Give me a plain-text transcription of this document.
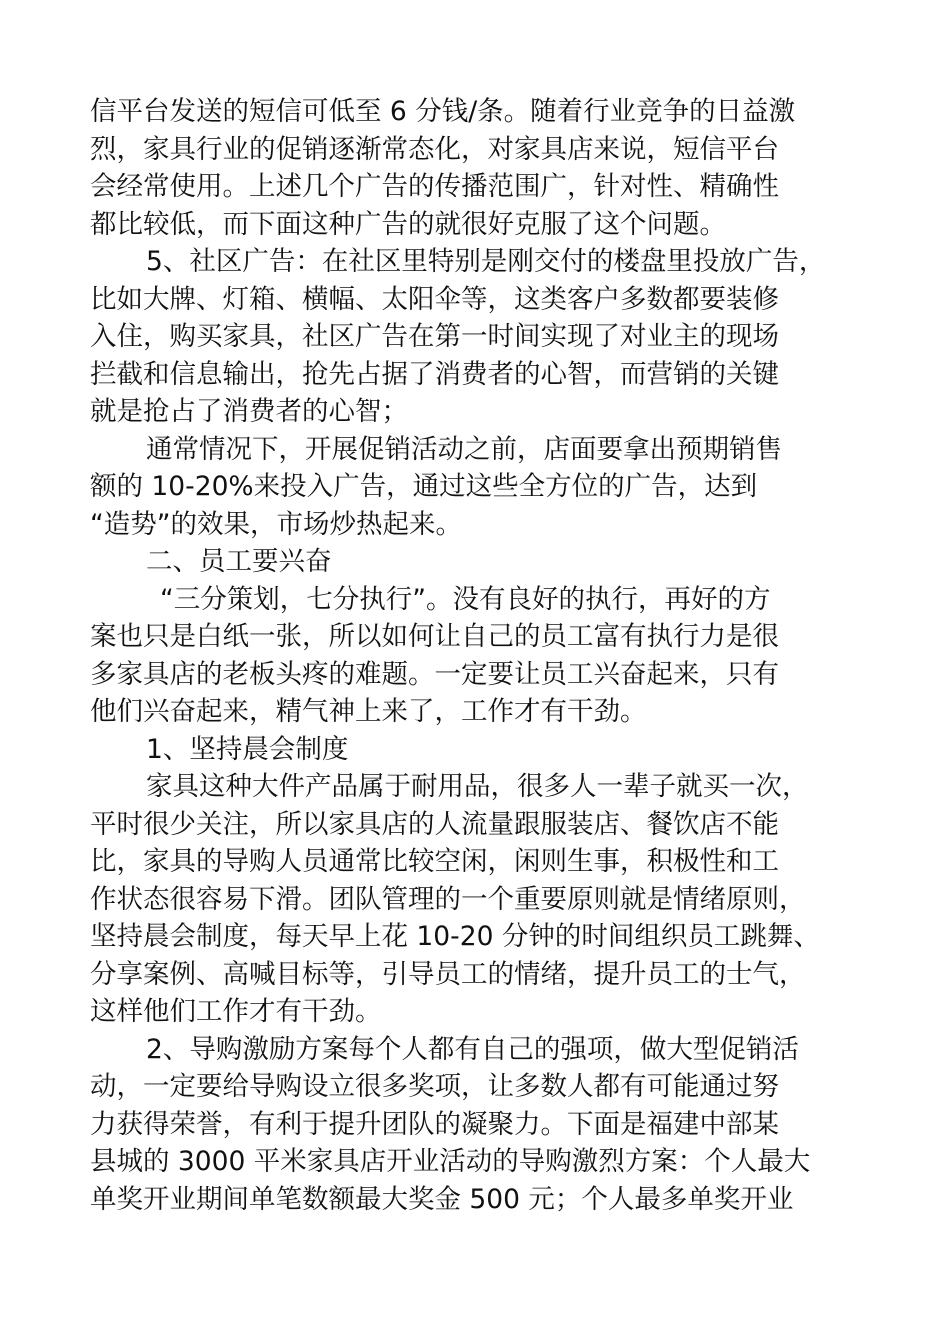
信平台发送的短信可低至 6 分钱/条。随着行业竞争的日益激
烈，家具行业的促销逐渐常态化，对家具店来说，短信平台
会经常使用。上述几个广告的传播范围广，针对性、精确性
都比较低，而下面这种广告的就很好克服了这个问题。
5、社区广告：在社区里特别是刚交付的楼盘里投放广告，
比如大牌、灯箱、横幅、太阳伞等，这类客户多数都要装修
入住，购买家具，社区广告在第一时间实现了对业主的现场
拦截和信息输出，抢先占据了消费者的心智，而营销的关键
就是抢占了消费者的心智；
通常情况下，开展促销活动之前，店面要拿出预期销售
额的 10-20%来投入广告，通过这些全方位的广告，达到
“造势”的效果，市场炒热起来。
二、员工要兴奋
“三分策划，七分执行”。没有良好的执行，再好的方
案也只是白纸一张，所以如何让自己的员工富有执行力是很
多家具店的老板头疼的难题。一定要让员工兴奋起来，只有
他们兴奋起来，精气神上来了，工作才有干劲。
1、坚持晨会制度
家具这种大件产品属于耐用品，很多人一辈子就买一次，
平时很少关注，所以家具店的人流量跟服装店、餐饮店不能
比，家具的导购人员通常比较空闲，闲则生事，积极性和工
作状态很容易下滑。团队管理的一个重要原则就是情绪原则，
坚持晨会制度，每天早上花 10-20 分钟的时间组织员工跳舞、
分享案例、高喊目标等，引导员工的情绪，提升员工的士气，
这样他们工作才有干劲。
2、导购激励方案每个人都有自己的强项，做大型促销活
动，一定要给导购设立很多奖项，让多数人都有可能通过努
力获得荣誉，有利于提升团队的凝聚力。下面是福建中部某
县城的 3000 平米家具店开业活动的导购激烈方案：个人最大
单奖开业期间单笔数额最大奖金 500 元；个人最多单奖开业
